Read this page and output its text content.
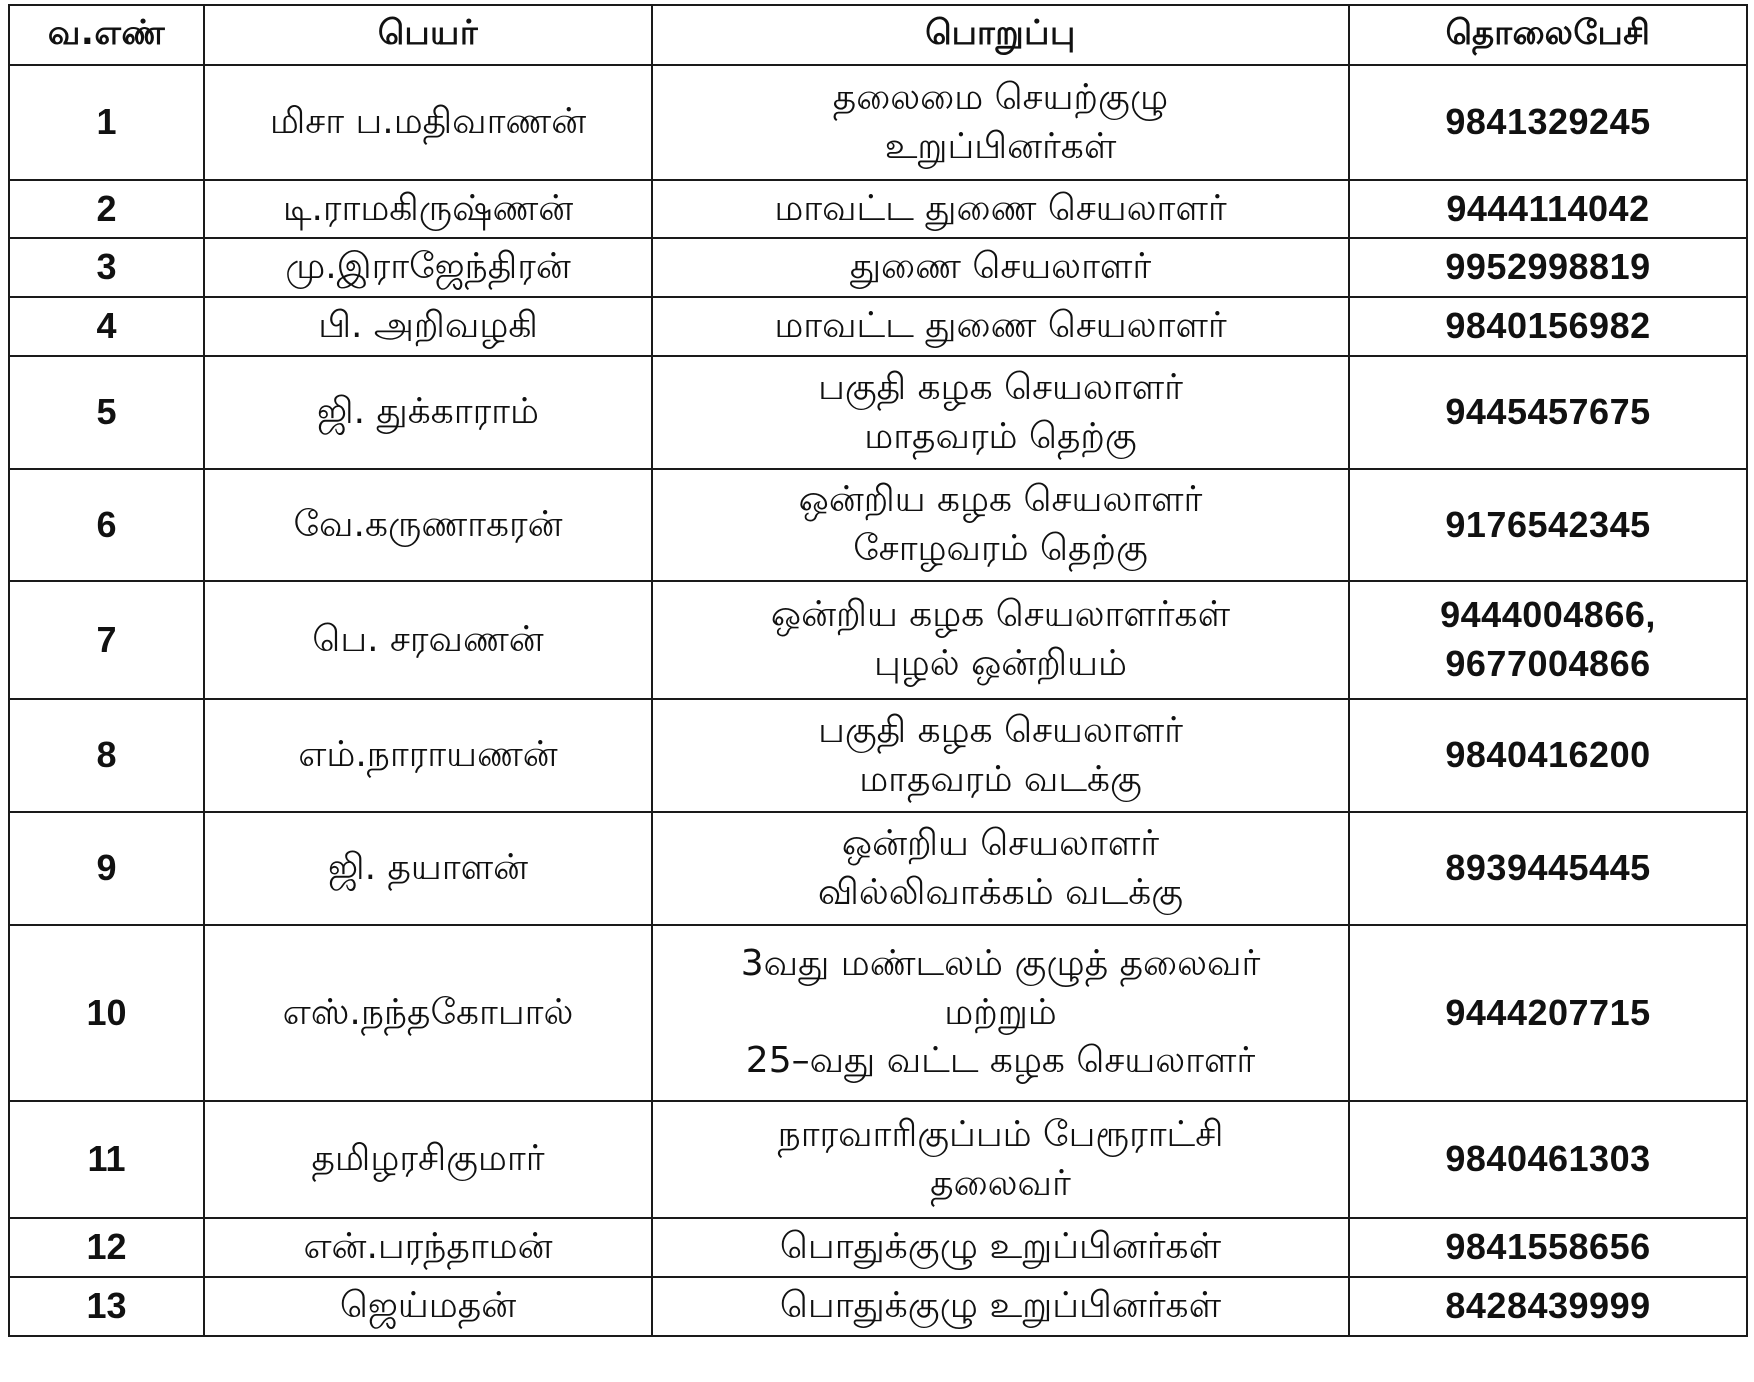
வ.எண்	பெயர்	பொறுப்பு	தொலைபேசி
1	மிசா ப.மதிவாணன்	தலைமை செயற்குழு
உறுப்பினர்கள்	9841329245
2	டி.ராமகிருஷ்ணன்	மாவட்ட துணை செயலாளர்	9444114042
3	மு.இராஜேந்திரன்	துணை செயலாளர்	9952998819
4	பி. அறிவழகி	மாவட்ட துணை செயலாளர்	9840156982
5	ஜி. துக்காராம்	பகுதி கழக செயலாளர்
மாதவரம் தெற்கு	9445457675
6	வே.கருணாகரன்	ஒன்றிய கழக செயலாளர்
சோழவரம் தெற்கு	9176542345
7	பெ. சரவணன்	ஒன்றிய கழக செயலாளர்கள்
புழல் ஒன்றியம்	9444004866,
9677004866
8	எம்.நாராயணன்	பகுதி கழக செயலாளர்
மாதவரம் வடக்கு	9840416200
9	ஜி. தயாளன்	ஒன்றிய செயலாளர்
வில்லிவாக்கம் வடக்கு	8939445445
10	எஸ்.நந்தகோபால்	3வது மண்டலம் குழுத் தலைவர்
மற்றும்
25–வது வட்ட கழக செயலாளர்	9444207715
11	தமிழரசிகுமார்	நாரவாரிகுப்பம் பேரூராட்சி
தலைவர்	9840461303
12	என்.பரந்தாமன்	பொதுக்குழு உறுப்பினர்கள்	9841558656
13	ஜெய்மதன்	பொதுக்குழு உறுப்பினர்கள்	8428439999
